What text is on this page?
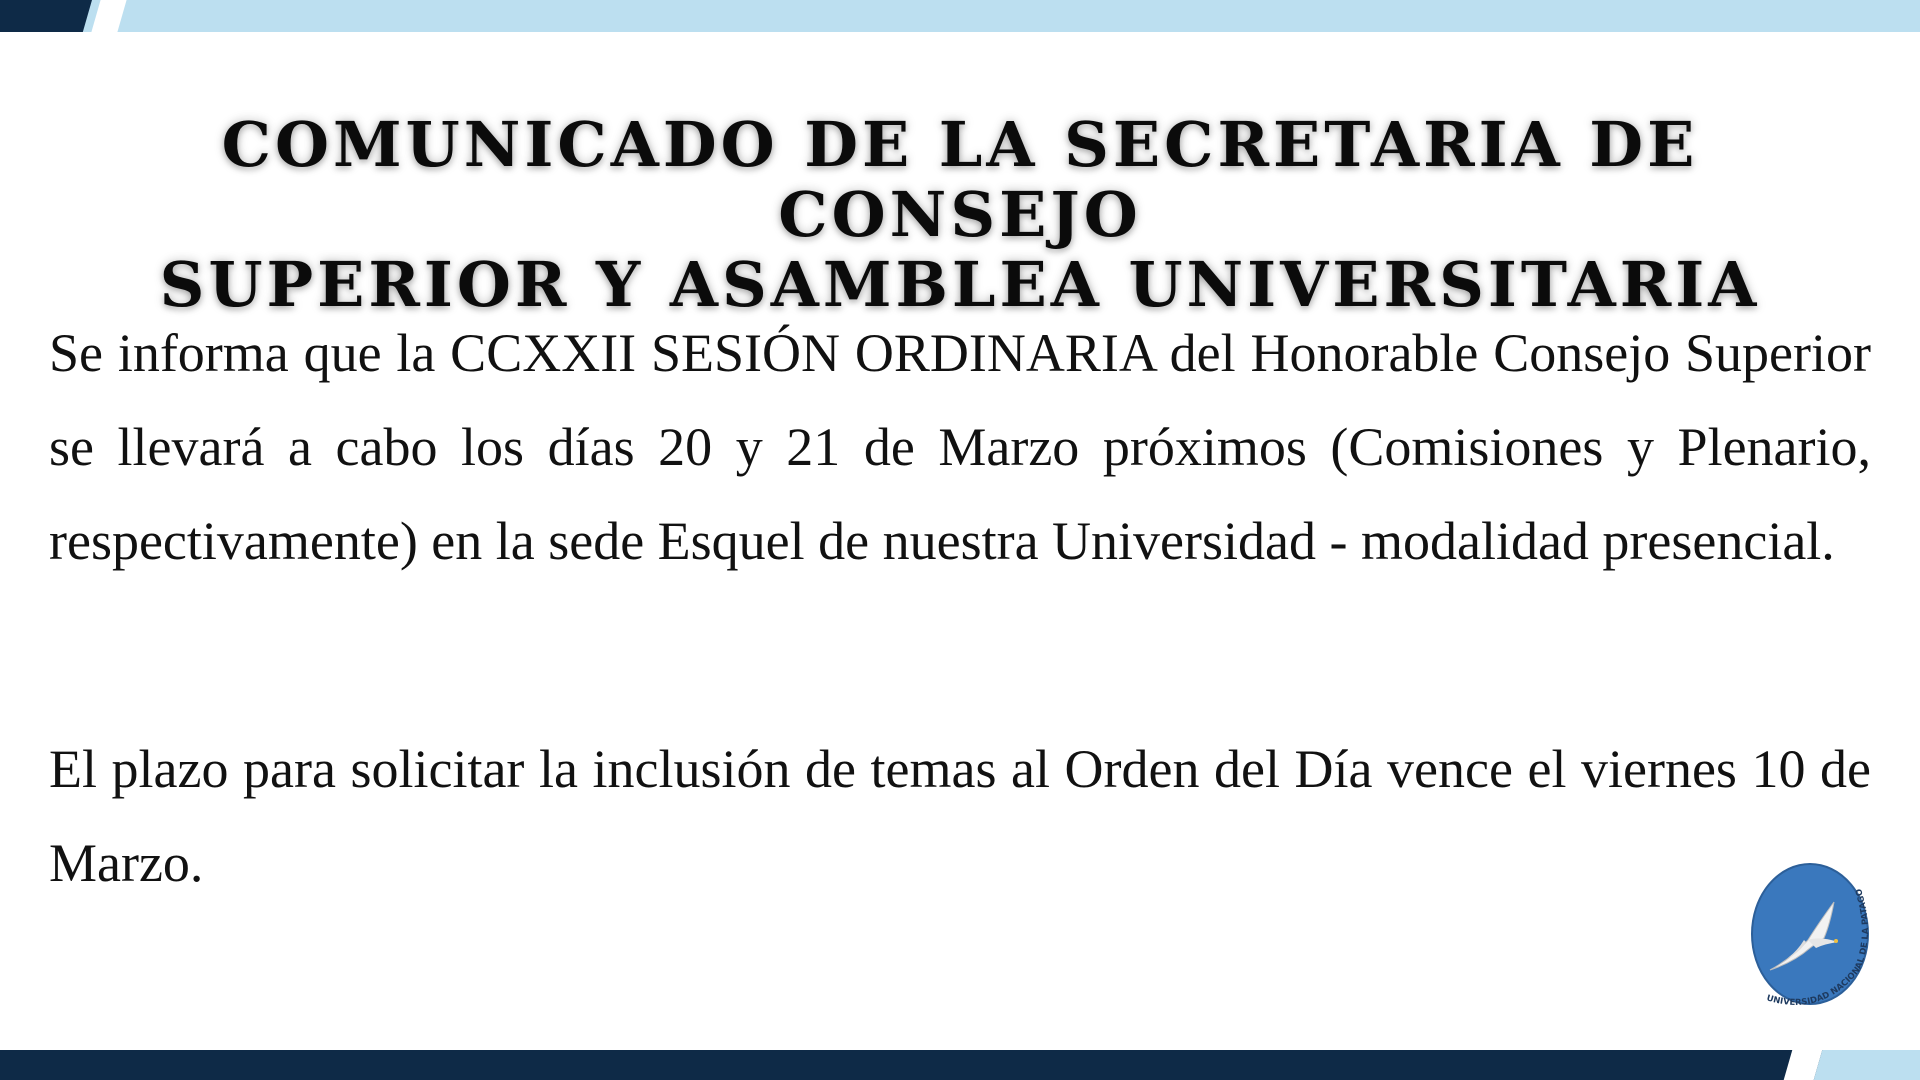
COMUNICADO DE LA SECRETARIA DE CONSEJO
SUPERIOR Y ASAMBLEA UNIVERSITARIA

Se informa que la CCXXII SESIÓN ORDINARIA del Honorable Consejo Superior se llevará a cabo los días 20 y 21 de Marzo próximos (Comisiones y Plenario, respectivamente) en la sede Esquel de nuestra Universidad - modalidad presencial.

El plazo para solicitar la inclusión de temas al Orden del Día vence el viernes 10 de Marzo.

UNIVERSIDAD NACIONAL DE LA PATAGO
